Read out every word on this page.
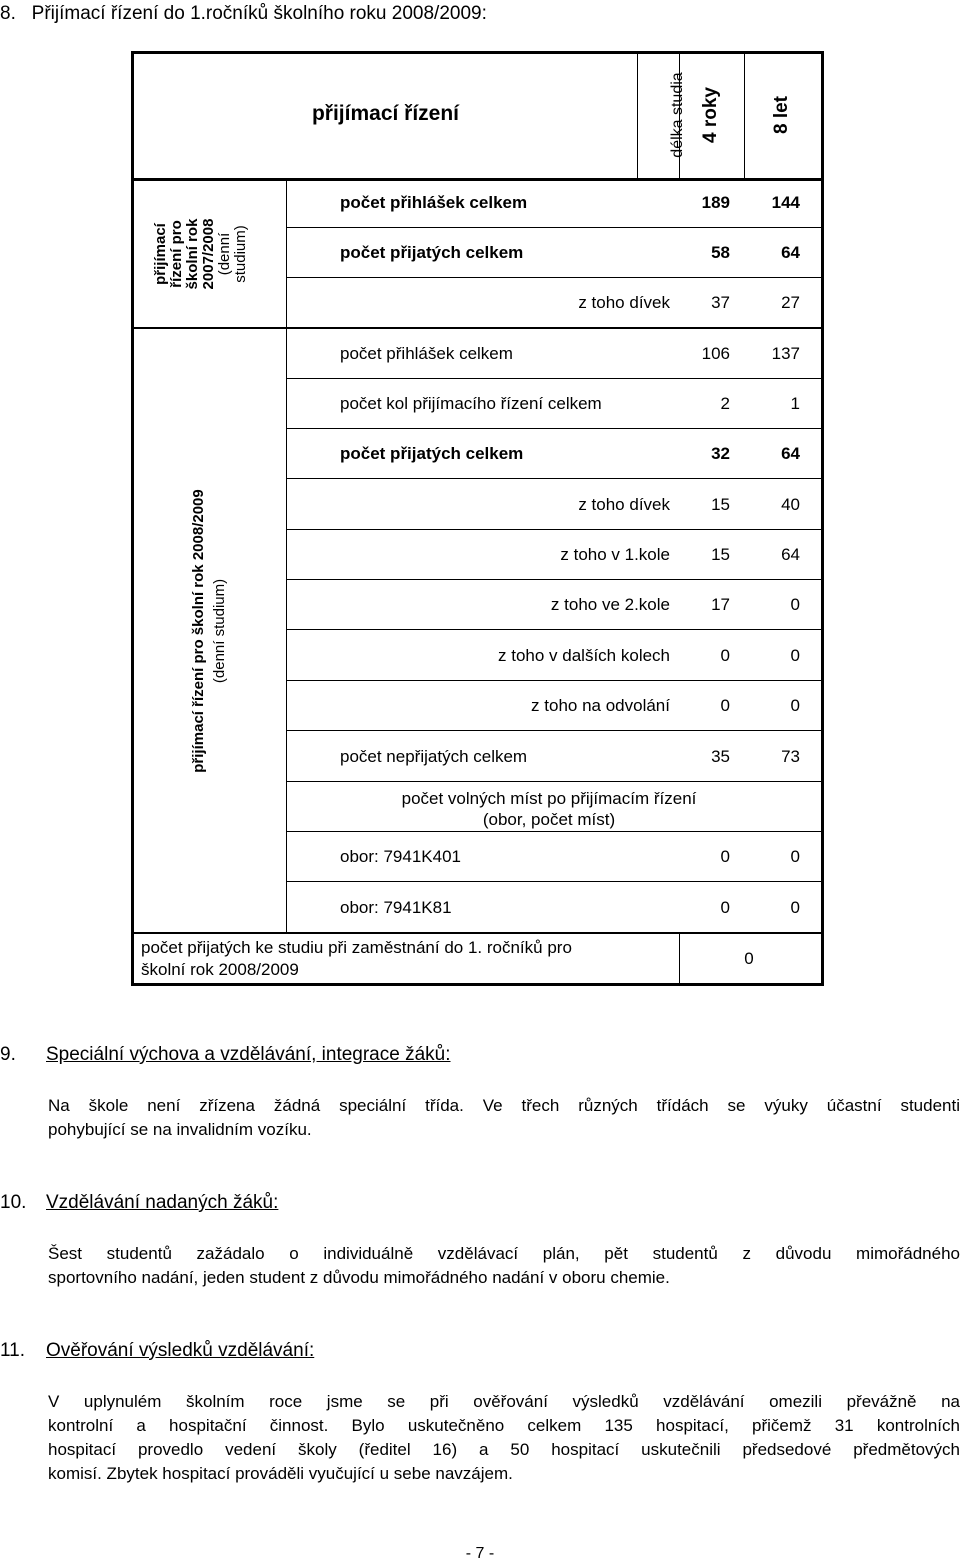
8.   Přijímací řízení do 1.ročníků školního roku 2008/2009:
přijímací řízení	délka studia 4 roky	8 let
přijímací řízení pro školní rok 2007/2008 (denní studium)
počet přihlášek celkem	189	144
počet přijatých celkem	58	64
z toho dívek	37	27
přijímací řízení pro školní rok 2008/2009 (denní studium)
počet přihlášek celkem	106	137
počet kol přijímacího řízení celkem	2	1
počet přijatých celkem	32	64
z toho dívek	15	40
z toho v 1.kole	15	64
z toho ve 2.kole	17	0
z toho v dalších kolech	0	0
z toho na odvolání	0	0
počet nepřijatých celkem	35	73
počet volných míst po přijímacím řízení
(obor, počet míst)
obor: 7941K401	0	0
obor: 7941K81	0	0
počet přijatých ke studiu při zaměstnání do 1. ročníků pro
školní rok 2008/2009
0
9. Speciální výchova a vzdělávání, integrace žáků:
Na škole není zřízena žádná speciální třída. Ve třech různých třídách se výuky účastní studenti
pohybující se na invalidním vozíku.
10. Vzdělávání nadaných žáků:
Šest studentů zažádalo o individuálně vzdělávací plán, pět studentů z důvodu mimořádného
sportovního nadání, jeden student z důvodu mimořádného nadání v oboru chemie.
11. Ověřování výsledků vzdělávání:
V uplynulém školním roce jsme se při ověřování výsledků vzdělávání omezili převážně na
kontrolní a hospitační činnost. Bylo uskutečněno celkem 135 hospitací, přičemž 31 kontrolních
hospitací provedlo vedení školy (ředitel 16) a 50 hospitací uskutečnili předsedové předmětových
komisí. Zbytek hospitací prováděli vyučující u sebe navzájem.
- 7 -
